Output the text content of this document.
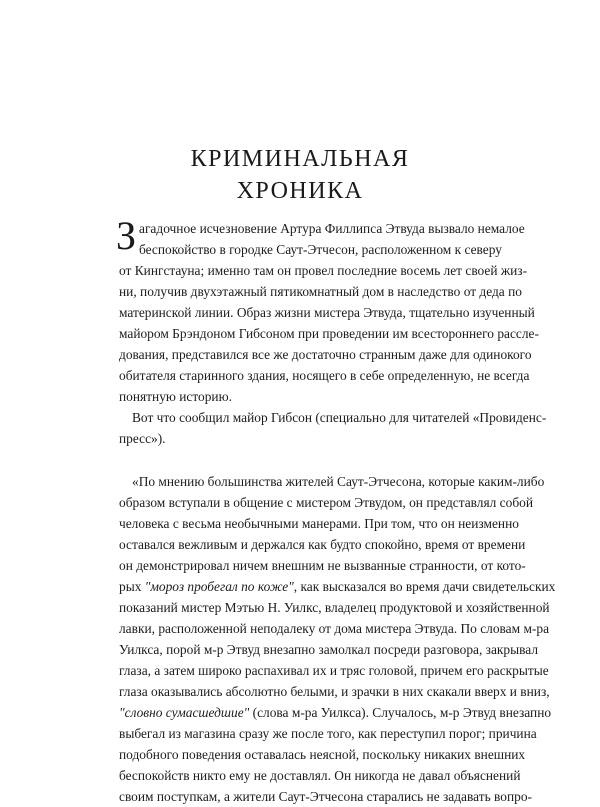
КРИМИНАЛЬНАЯ
ХРОНИКА
З агадочное исчезновение Артура Филлипса Этвуда вызвало немалое
беспокойство в городке Саут-Этчесон, расположенном к северу
от Кингстауна; именно там он провел последние восемь лет своей жиз-
ни, получив двухэтажный пятикомнатный дом в наследство от деда по
материнской линии. Образ жизни мистера Этвуда, тщательно изученный
майором Брэндоном Гибсоном при проведении им всестороннего рассле-
дования, представился все же достаточно странным даже для одинокого
обитателя старинного здания, носящего в себе определенную, не всегда
понятную историю.
Вот что сообщил майор Гибсон (специально для читателей «Провиденс-
пресс»).
«По мнению большинства жителей Саут-Этчесона, которые каким-либо
образом вступали в общение с мистером Этвудом, он представлял собой
человека с весьма необычными манерами. При том, что он неизменно
оставался вежливым и держался как будто спокойно, время от времени
он демонстрировал ничем внешним не вызванные странности, от кото-
рых "мороз пробегал по коже", как высказался во время дачи свидетельских
показаний мистер Мэтью Н. Уилкс, владелец продуктовой и хозяйственной
лавки, расположенной неподалеку от дома мистера Этвуда. По словам м-ра
Уилкса, порой м-р Этвуд внезапно замолкал посреди разговора, закрывал
глаза, а затем широко распахивал их и тряс головой, причем его раскрытые
глаза оказывались абсолютно белыми, и зрачки в них скакали вверх и вниз,
"словно сумасшедшие" (слова м-ра Уилкса). Случалось, м-р Этвуд внезапно
выбегал из магазина сразу же после того, как переступил порог; причина
подобного поведения оставалась неясной, поскольку никаких внешних
беспокойств никто ему не доставлял. Он никогда не давал объяснений
своим поступкам, а жители Саут-Этчесона старались не задавать вопро-
